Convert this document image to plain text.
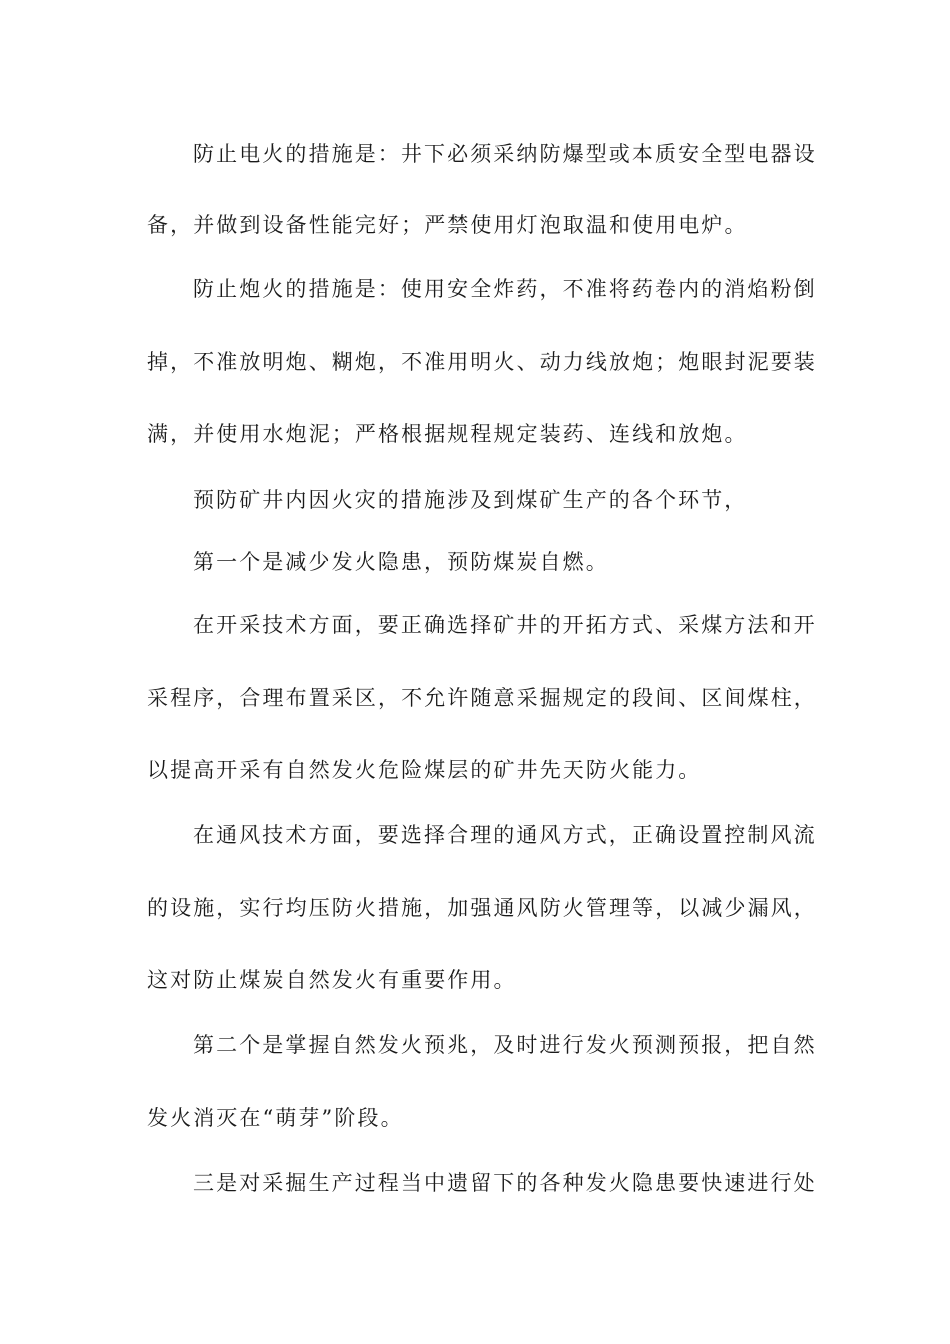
防止电火的措施是：井下必须采纳防爆型或本质安全型电器设
备，并做到设备性能完好；严禁使用灯泡取温和使用电炉。
防止炮火的措施是：使用安全炸药，不准将药卷内的消焰粉倒
掉，不准放明炮、糊炮，不准用明火、动力线放炮；炮眼封泥要装
满，并使用水炮泥；严格根据规程规定装药、连线和放炮。
预防矿井内因火灾的措施涉及到煤矿生产的各个环节，
第一个是减少发火隐患，预防煤炭自燃。
在开采技术方面，要正确选择矿井的开拓方式、采煤方法和开
采程序，合理布置采区，不允许随意采掘规定的段间、区间煤柱，
以提高开采有自然发火危险煤层的矿井先天防火能力。
在通风技术方面，要选择合理的通风方式，正确设置控制风流
的设施，实行均压防火措施，加强通风防火管理等，以减少漏风，
这对防止煤炭自然发火有重要作用。
第二个是掌握自然发火预兆，及时进行发火预测预报，把自然
发火消灭在“萌芽”阶段。
三是对采掘生产过程当中遗留下的各种发火隐患要快速进行处
